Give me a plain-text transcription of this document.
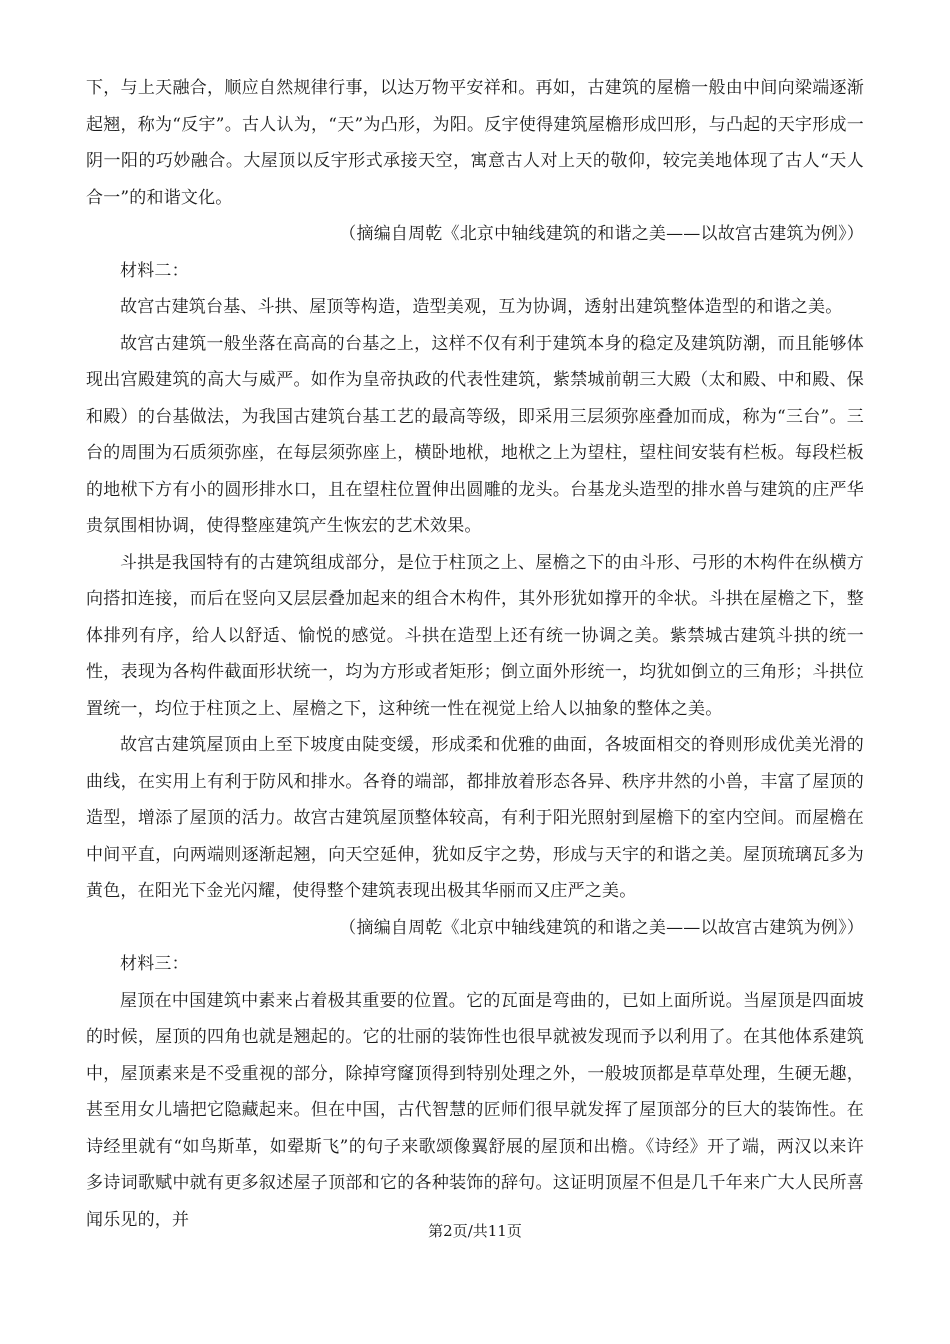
下，与上天融合，顺应自然规律行事，以达万物平安祥和。再如，古建筑的屋檐一般由中间向梁端逐渐起翘，称为“反宇”。古人认为，“天”为凸形，为阳。反宇使得建筑屋檐形成凹形，与凸起的天宇形成一阴一阳的巧妙融合。大屋顶以反宇形式承接天空，寓意古人对上天的敬仰，较完美地体现了古人“天人合一”的和谐文化。

（摘编自周乾《北京中轴线建筑的和谐之美——以故宫古建筑为例》）

材料二：

故宫古建筑台基、斗拱、屋顶等构造，造型美观，互为协调，透射出建筑整体造型的和谐之美。

故宫古建筑一般坐落在高高的台基之上，这样不仅有利于建筑本身的稳定及建筑防潮，而且能够体现出宫殿建筑的高大与威严。如作为皇帝执政的代表性建筑，紫禁城前朝三大殿（太和殿、中和殿、保和殿）的台基做法，为我国古建筑台基工艺的最高等级，即采用三层须弥座叠加而成，称为“三台”。三台的周围为石质须弥座，在每层须弥座上，横卧地栿，地栿之上为望柱，望柱间安装有栏板。每段栏板的地栿下方有小的圆形排水口，且在望柱位置伸出圆雕的龙头。台基龙头造型的排水兽与建筑的庄严华贵氛围相协调，使得整座建筑产生恢宏的艺术效果。

斗拱是我国特有的古建筑组成部分，是位于柱顶之上、屋檐之下的由斗形、弓形的木构件在纵横方向搭扣连接，而后在竖向又层层叠加起来的组合木构件，其外形犹如撑开的伞状。斗拱在屋檐之下，整体排列有序，给人以舒适、愉悦的感觉。斗拱在造型上还有统一协调之美。紫禁城古建筑斗拱的统一性，表现为各构件截面形状统一，均为方形或者矩形；倒立面外形统一，均犹如倒立的三角形；斗拱位置统一，均位于柱顶之上、屋檐之下，这种统一性在视觉上给人以抽象的整体之美。

故宫古建筑屋顶由上至下坡度由陡变缓，形成柔和优雅的曲面，各坡面相交的脊则形成优美光滑的曲线，在实用上有利于防风和排水。各脊的端部，都排放着形态各异、秩序井然的小兽，丰富了屋顶的造型，增添了屋顶的活力。故宫古建筑屋顶整体较高，有利于阳光照射到屋檐下的室内空间。而屋檐在中间平直，向两端则逐渐起翘，向天空延伸，犹如反宇之势，形成与天宇的和谐之美。屋顶琉璃瓦多为黄色，在阳光下金光闪耀，使得整个建筑表现出极其华丽而又庄严之美。

（摘编自周乾《北京中轴线建筑的和谐之美——以故宫古建筑为例》）

材料三：

屋顶在中国建筑中素来占着极其重要的位置。它的瓦面是弯曲的，已如上面所说。当屋顶是四面坡的时候，屋顶的四角也就是翘起的。它的壮丽的装饰性也很早就被发现而予以利用了。在其他体系建筑中，屋顶素来是不受重视的部分，除掉穹窿顶得到特别处理之外，一般坡顶都是草草处理，生硬无趣，甚至用女儿墙把它隐藏起来。但在中国，古代智慧的匠师们很早就发挥了屋顶部分的巨大的装饰性。在诗经里就有“如鸟斯革，如翚斯飞”的句子来歌颂像翼舒展的屋顶和出檐。《诗经》开了端，两汉以来许多诗词歌赋中就有更多叙述屋子顶部和它的各种装饰的辞句。这证明顶屋不但是几千年来广大人民所喜闻乐见的，并

第2页/共11页
